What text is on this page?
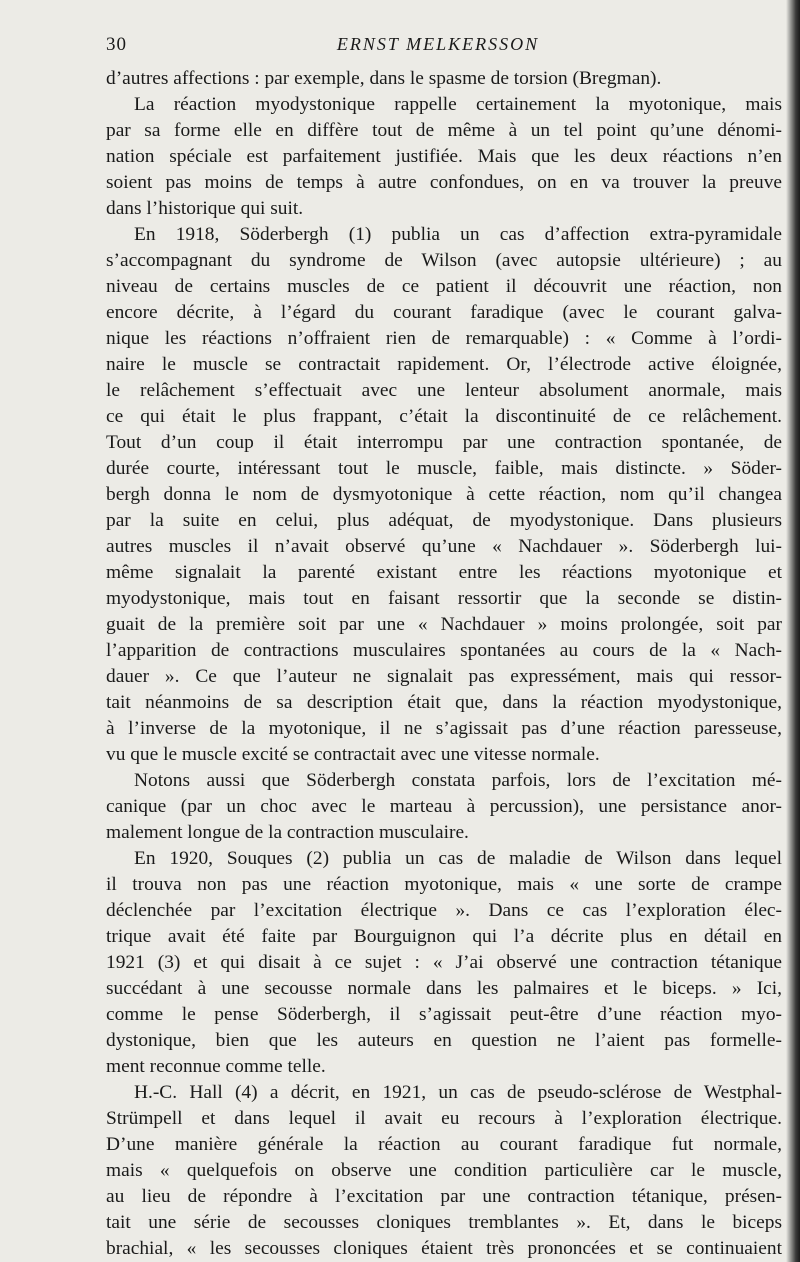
30	ERNST MELKERSSON
d’autres affections : par exemple, dans le spasme de torsion (Bregman).
La réaction myodystonique rappelle certainement la myotonique, mais
par sa forme elle en diffère tout de même à un tel point qu’une dénomi-
nation spéciale est parfaitement justifiée. Mais que les deux réactions n’en
soient pas moins de temps à autre confondues, on en va trouver la preuve
dans l’historique qui suit.
En 1918, Söderbergh (1) publia un cas d’affection extra-pyramidale
s’accompagnant du syndrome de Wilson (avec autopsie ultérieure) ; au
niveau de certains muscles de ce patient il découvrit une réaction, non
encore décrite, à l’égard du courant faradique (avec le courant galva-
nique les réactions n’offraient rien de remarquable) : « Comme à l’ordi-
naire le muscle se contractait rapidement. Or, l’électrode active éloignée,
le relâchement s’effectuait avec une lenteur absolument anormale, mais
ce qui était le plus frappant, c’était la discontinuité de ce relâchement.
Tout d’un coup il était interrompu par une contraction spontanée, de
durée courte, intéressant tout le muscle, faible, mais distincte. » Söder-
bergh donna le nom de dysmyotonique à cette réaction, nom qu’il changea
par la suite en celui, plus adéquat, de myodystonique. Dans plusieurs
autres muscles il n’avait observé qu’une « Nachdauer ». Söderbergh lui-
même signalait la parenté existant entre les réactions myotonique et
myodystonique, mais tout en faisant ressortir que la seconde se distin-
guait de la première soit par une « Nachdauer » moins prolongée, soit par
l’apparition de contractions musculaires spontanées au cours de la « Nach-
dauer ». Ce que l’auteur ne signalait pas expressément, mais qui ressor-
tait néanmoins de sa description était que, dans la réaction myodystonique,
à l’inverse de la myotonique, il ne s’agissait pas d’une réaction paresseuse,
vu que le muscle excité se contractait avec une vitesse normale.
Notons aussi que Söderbergh constata parfois, lors de l’excitation mé-
canique (par un choc avec le marteau à percussion), une persistance anor-
malement longue de la contraction musculaire.
En 1920, Souques (2) publia un cas de maladie de Wilson dans lequel
il trouva non pas une réaction myotonique, mais « une sorte de crampe
déclenchée par l’excitation électrique ». Dans ce cas l’exploration élec-
trique avait été faite par Bourguignon qui l’a décrite plus en détail en
1921 (3) et qui disait à ce sujet : « J’ai observé une contraction tétanique
succédant à une secousse normale dans les palmaires et le biceps. » Ici,
comme le pense Söderbergh, il s’agissait peut-être d’une réaction myo-
dystonique, bien que les auteurs en question ne l’aient pas formelle-
ment reconnue comme telle.
H.-C. Hall (4) a décrit, en 1921, un cas de pseudo-sclérose de Westphal-
Strümpell et dans lequel il avait eu recours à l’exploration électrique.
D’une manière générale la réaction au courant faradique fut normale,
mais « quelquefois on observe une condition particulière car le muscle,
au lieu de répondre à l’excitation par une contraction tétanique, présen-
tait une série de secousses cloniques tremblantes ». Et, dans le biceps
brachial, « les secousses cloniques étaient très prononcées et se continuaient
